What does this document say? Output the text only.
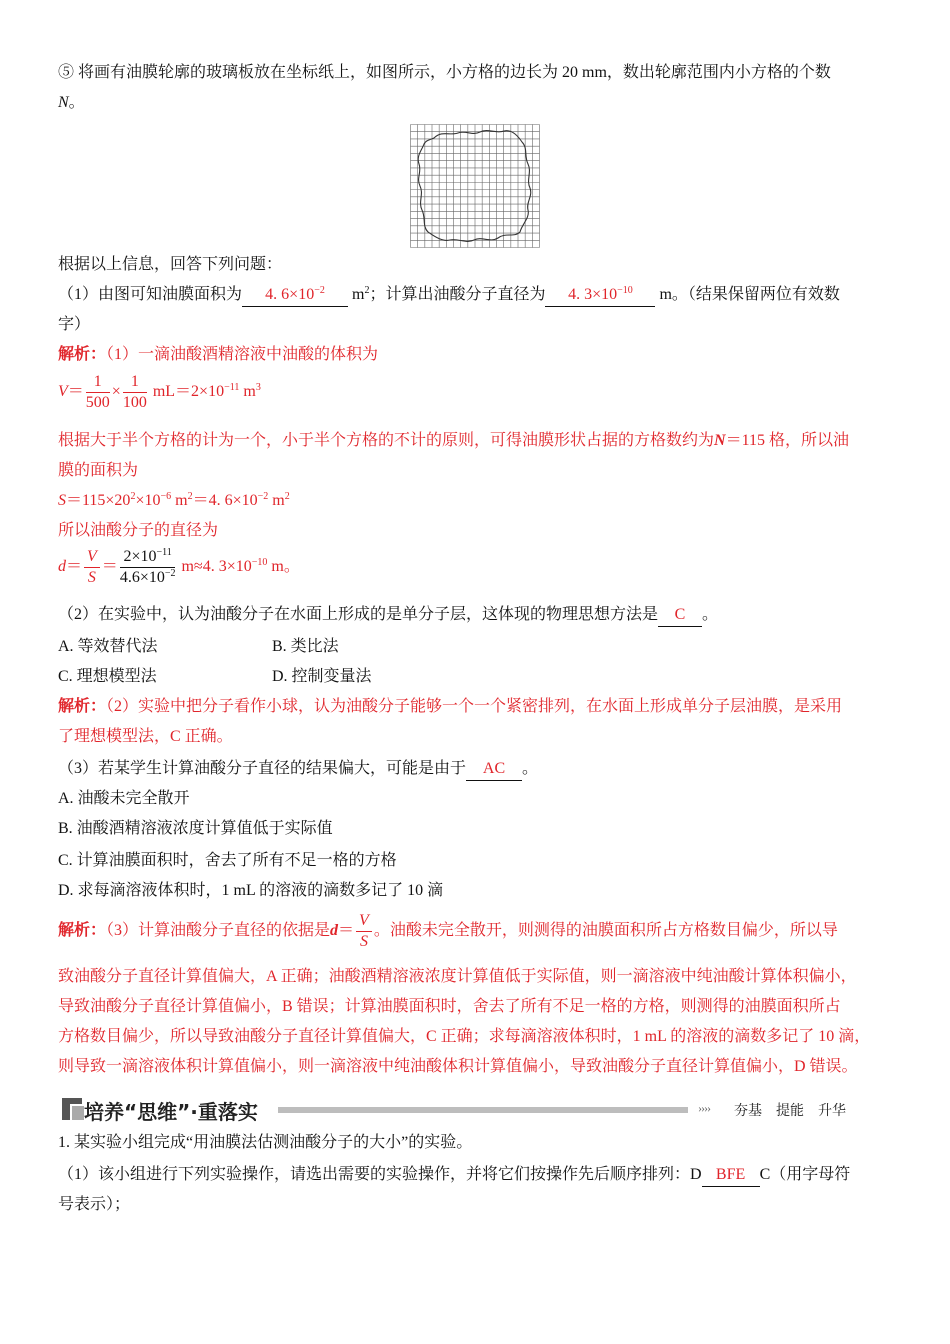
⑤ 将画有油膜轮廓的玻璃板放在坐标纸上，如图所示，小方格的边长为 20 mm，数出轮廓范围内小方格的个数
N。
根据以上信息，回答下列问题：
（1）由图可知油膜面积为 4. $6\times 10^{-2}$ $m^2$；计算出油酸分子直径为 4. $3\times 10^{-10}$ m。（结果保留两位有效数
字）
解析：（1）一滴油酸酒精溶液中油酸的体积为
$V= \frac{1}{500} \times \frac{1}{100} mL=2\times 10^{-11}$ $m^3$
根据大于半个方格的计为一个，小于半个方格的不计的原则，可得油膜形状占据的方格数约为N＝115 格，所以油
膜的面积为
$S=115\times 20^2\times 10^{-6}$ $m^2=4$. $6\times 10^{-2}$ $m^2$
所以油酸分子的直径为
$d= \frac{V}{S} = \frac{2\times 10^{-11}}{4.6\times 10^{-2}} m\approx 4$. $3\times 10^{-10}$ m。
（2）在实验中，认为油酸分子在水面上形成的是单分子层，这体现的物理思想方法是 C 。
A. 等效替代法	B. 类比法
C. 理想模型法	D. 控制变量法
解析：（2）实验中把分子看作小球，认为油酸分子能够一个一个紧密排列，在水面上形成单分子层油膜，是采用
了理想模型法，C 正确。
（3）若某学生计算油酸分子直径的结果偏大，可能是由于 AC 。
A. 油酸未完全散开
B. 油酸酒精溶液浓度计算值低于实际值
C. 计算油膜面积时，舍去了所有不足一格的方格
D. 求每滴溶液体积时，1 mL 的溶液的滴数多记了 10 滴
解析：（3）计算油酸分子直径的依据是$d= \frac{V}{S}$ 。油酸未完全散开，则测得的油膜面积所占方格数目偏少，所以导
致油酸分子直径计算值偏大，A 正确；油酸酒精溶液浓度计算值低于实际值，则一滴溶液中纯油酸计算体积偏小，
导致油酸分子直径计算值偏小，B 错误；计算油膜面积时，舍去了所有不足一格的方格，则测得的油膜面积所占
方格数目偏少，所以导致油酸分子直径计算值偏大，C 正确；求每滴溶液体积时，1 mL 的溶液的滴数多记了 10 滴，
则导致一滴溶液体积计算值偏小，则一滴溶液中纯油酸体积计算值偏小，导致油酸分子直径计算值偏小，D 错误。
培养“思维”·重落实	›››› 夯基　提能　升华
1. 某实验小组完成“用油膜法估测油酸分子的大小”的实验。
（1）该小组进行下列实验操作，请选出需要的实验操作，并将它们按操作先后顺序排列：D BFE C（用字母符
号表示）；
